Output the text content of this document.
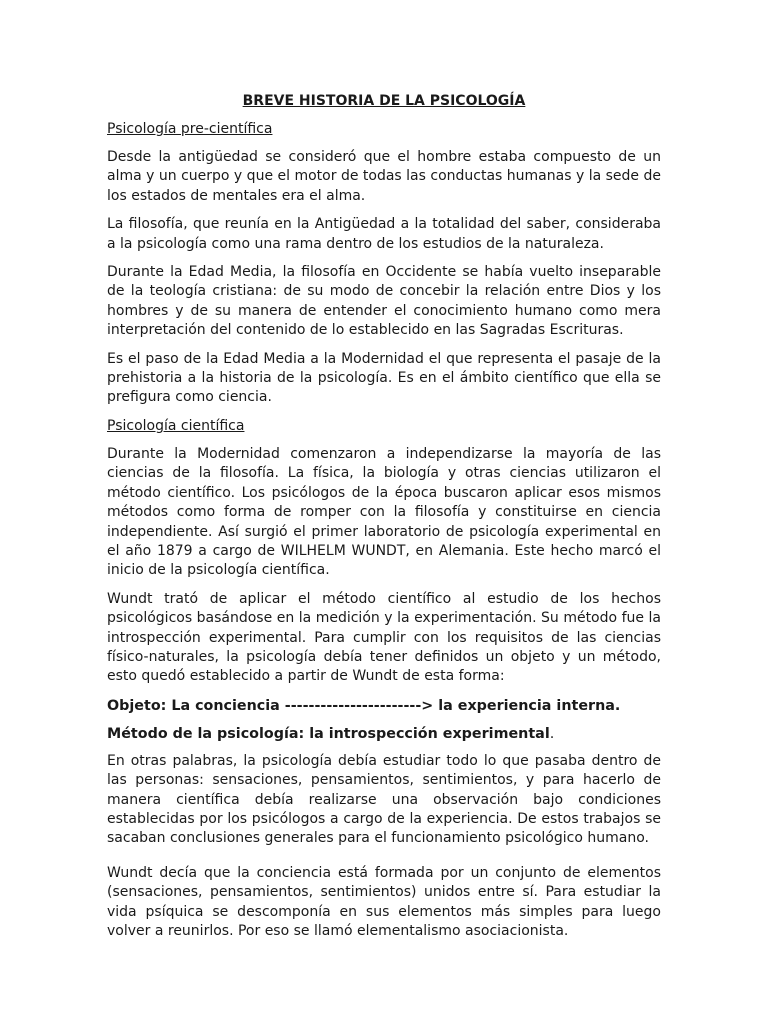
BREVE HISTORIA DE LA PSICOLOGÍA

Psicología pre-científica

Desde la antigüedad se consideró que el hombre estaba compuesto de un alma y un cuerpo y que el motor de todas las conductas humanas y la sede de los estados de mentales era el alma.

La filosofía, que reunía en la Antigüedad a la totalidad del saber, consideraba a la psicología como una rama dentro de los estudios de la naturaleza.

Durante la Edad Media, la filosofía en Occidente se había vuelto inseparable de la teología cristiana: de su modo de concebir la relación entre Dios y los hombres y de su manera de entender el conocimiento humano como mera interpretación del contenido de lo establecido en las Sagradas Escrituras.

Es el paso de la Edad Media a la Modernidad el que representa el pasaje de la prehistoria a la historia de la psicología. Es en el ámbito científico que ella se prefigura como ciencia.

Psicología científica

Durante la Modernidad comenzaron a independizarse la mayoría de las ciencias de la filosofía. La física, la biología y otras ciencias utilizaron el método científico. Los psicólogos de la época buscaron aplicar esos mismos métodos como forma de romper con la filosofía y constituirse en ciencia independiente. Así surgió el primer laboratorio de psicología experimental en el año 1879 a cargo de WILHELM WUNDT, en Alemania. Este hecho marcó el inicio de la psicología científica.

Wundt trató de aplicar el método científico al estudio de los hechos psicológicos basándose en la medición y la experimentación. Su método fue la introspección experimental. Para cumplir con los requisitos de las ciencias físico-naturales, la psicología debía tener definidos un objeto y un método, esto quedó establecido a partir de Wundt de esta forma:

Objeto: La conciencia -----------------------> la experiencia interna.

Método de la psicología: la introspección experimental.

En otras palabras, la psicología debía estudiar todo lo que pasaba dentro de las personas: sensaciones, pensamientos, sentimientos, y para hacerlo de manera científica debía realizarse una observación bajo condiciones establecidas por los psicólogos a cargo de la experiencia. De estos trabajos se sacaban conclusiones generales para el funcionamiento psicológico humano.

Wundt decía que la conciencia está formada por un conjunto de elementos (sensaciones, pensamientos, sentimientos) unidos entre sí. Para estudiar la vida psíquica se descomponía en sus elementos más simples para luego volver a reunirlos. Por eso se llamó elementalismo asociacionista.
